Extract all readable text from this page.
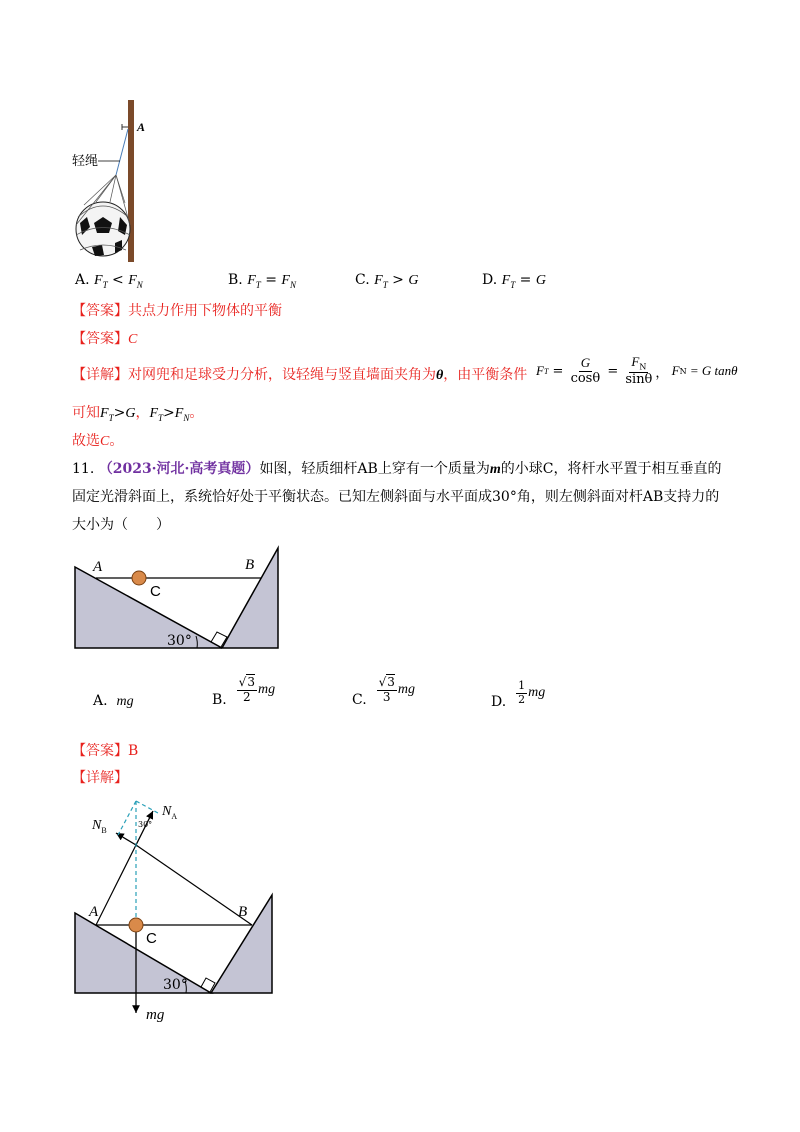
A
轻绳
A. $F_T < F_N$	B. $F_T = F_N$	C. $F_T > G$	D. $F_T = G$
【答案】共点力作用下物体的平衡
【答案】C
【详解】对网兜和足球受力分析，设轻绳与竖直墙面夹角为θ，由平衡条件 F $T = \frac{G}{\cos\theta} = \frac{F_N}{\sin\theta}$ ，
F N
= G tanθ
可知$F_T>G$，$F_T>F_N$。
故选C。
11. （2023·河北·高考真题）如图，轻质细杆AB上穿有一个质量为m的小球C，将杆水平置于相互垂直的
固定光滑斜面上，系统恰好处于平衡状态。已知左侧斜面与水平面成30°角，则左侧斜面对杆AB支持力的
大小为（　　）
A	B
C
30°
A. mg	B.
$\frac{√3}{2}$ mg
C.
$\frac{√3}{3}$ mg
D.
$\frac{1}{2}$ mg
【答案】B
【详解】
$N_B$
$N_A$
30°
A	B
C
30°
mg
